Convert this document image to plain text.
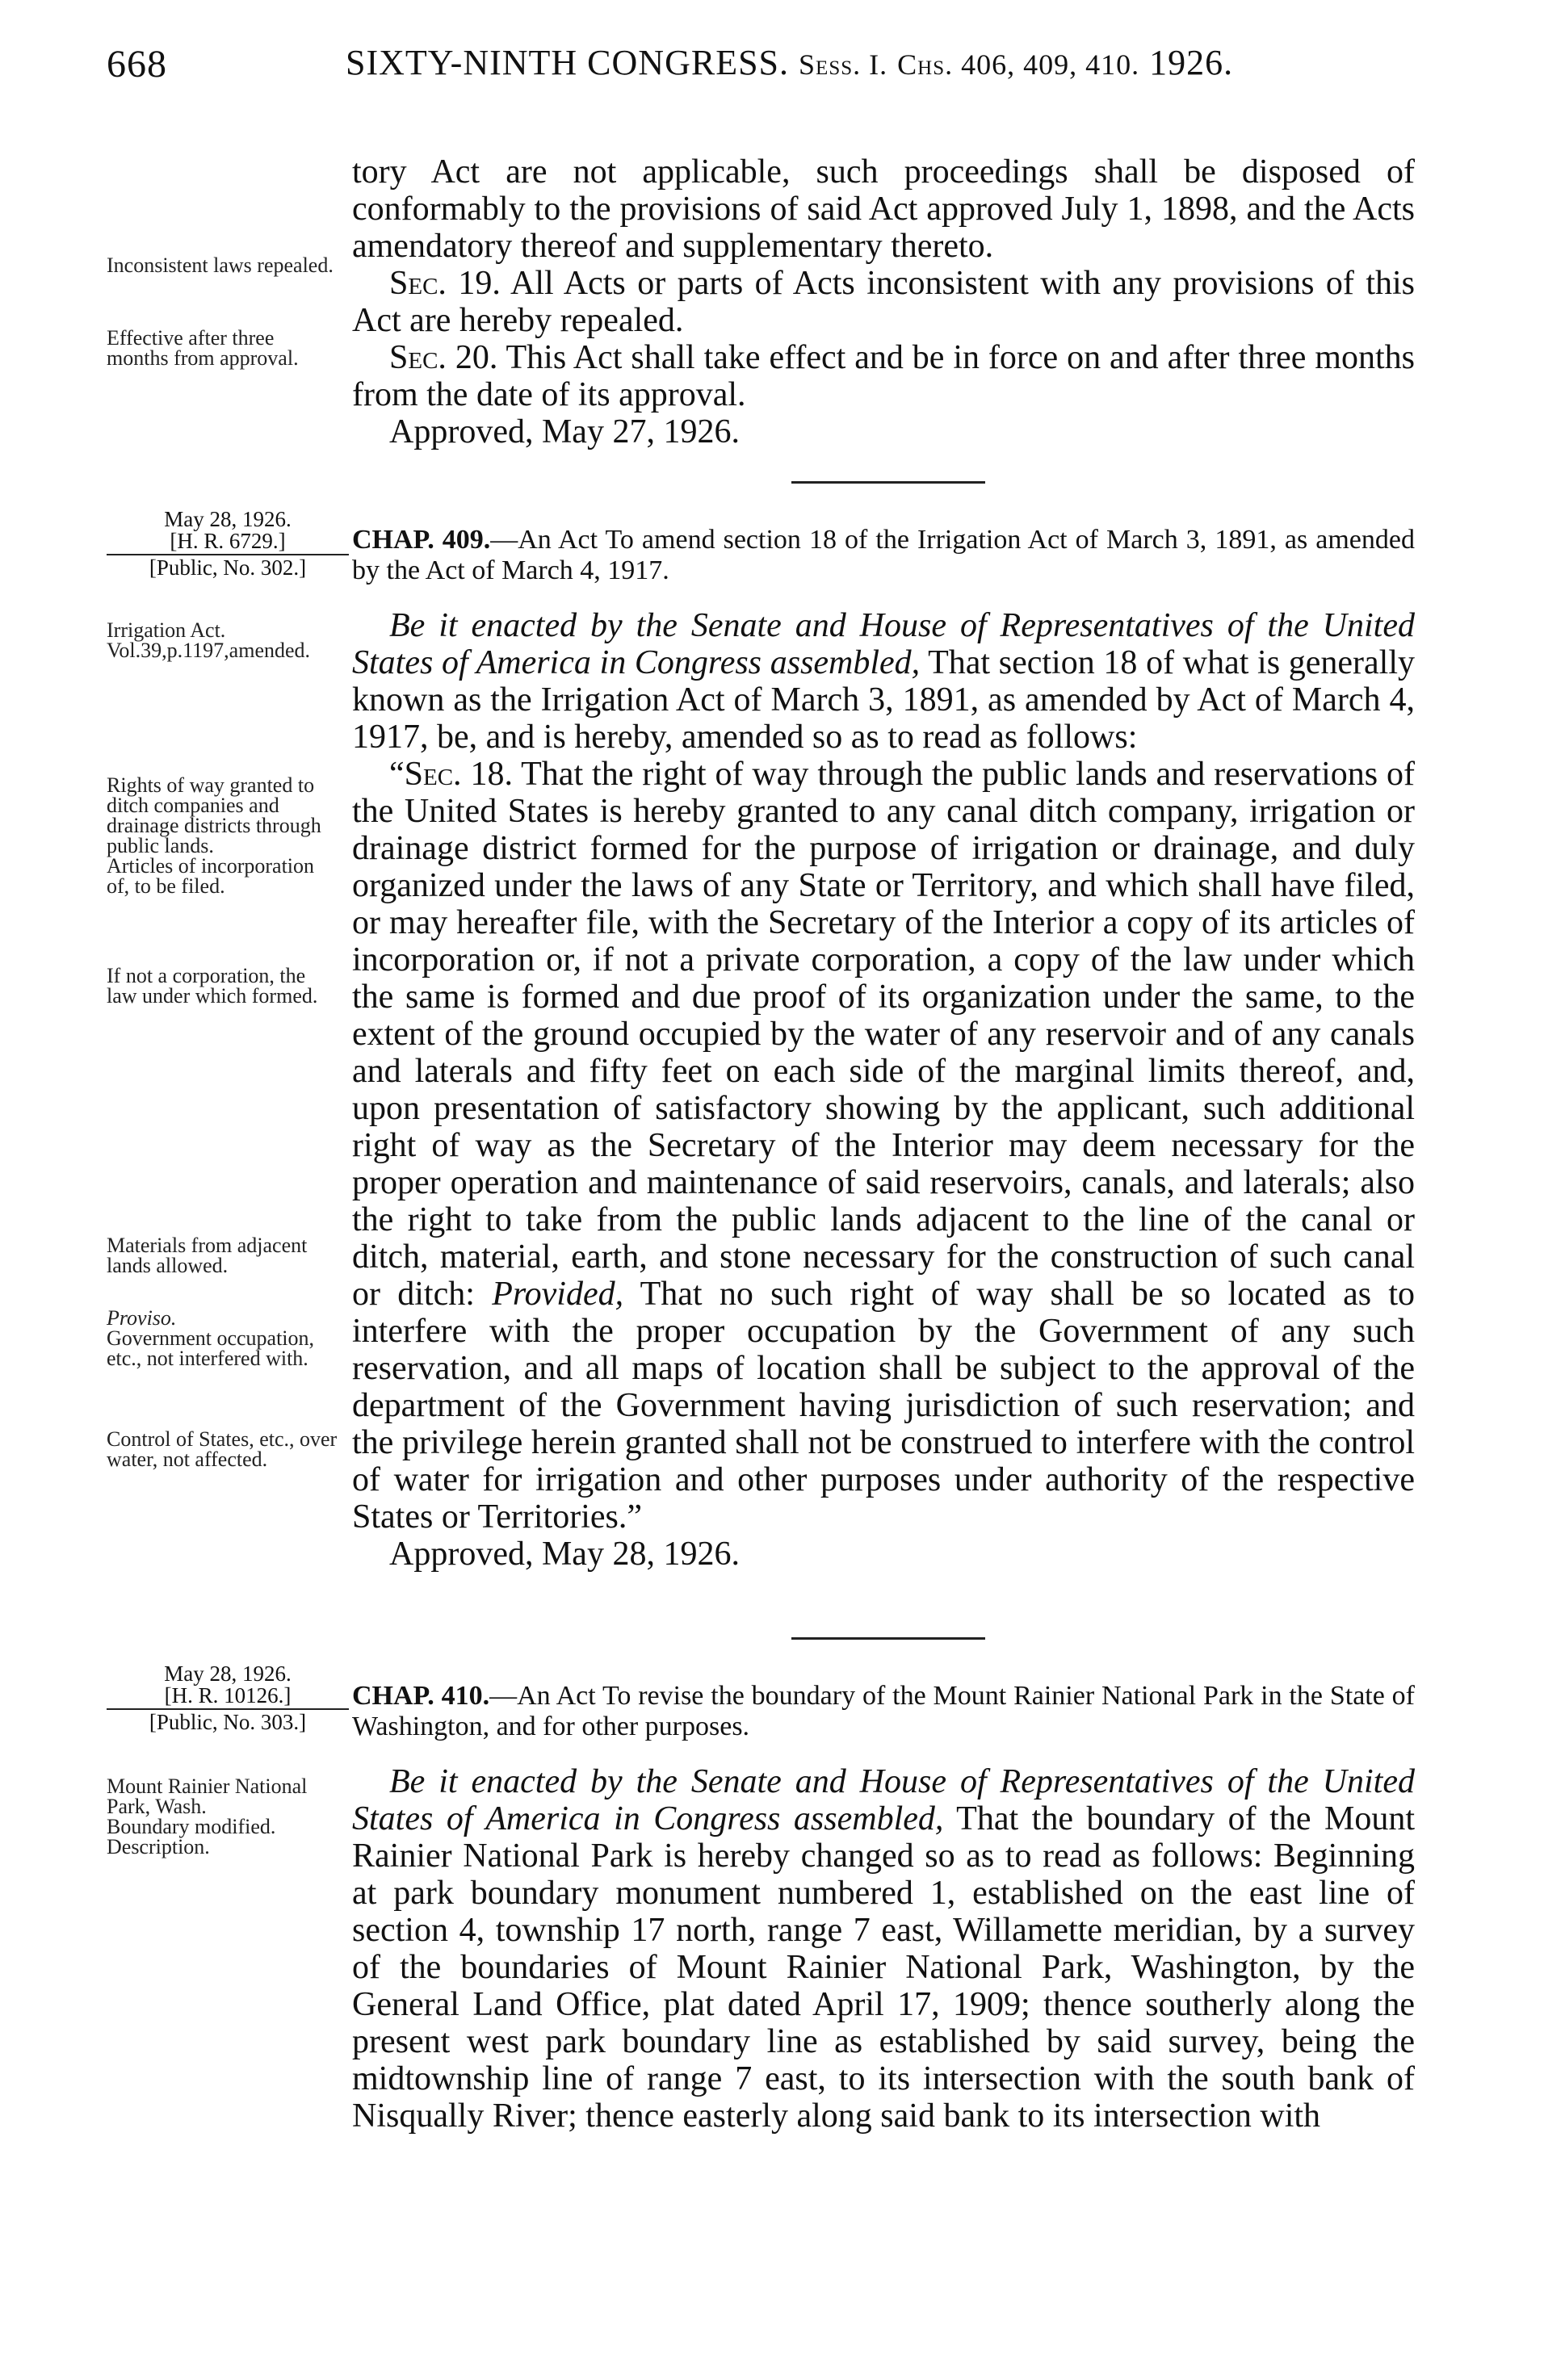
668	SIXTY-NINTH CONGRESS. Sess. I. Chs. 406, 409, 410. 1926.

tory Act are not applicable, such proceedings shall be disposed of conformably to the provisions of said Act approved July 1, 1898, and the Acts amendatory thereof and supplementary thereto.

Sec. 19. All Acts or parts of Acts inconsistent with any provisions of this Act are hereby repealed.

Sec. 20. This Act shall take effect and be in force on and after three months from the date of its approval.

Approved, May 27, 1926.

Inconsistent laws repealed.
Effective after three months from approval.
May 28, 1926.
[H. R. 6729.]
[Public, No. 302.]
CHAP. 409.—An Act To amend section 18 of the Irrigation Act of March 3, 1891, as amended by the Act of March 4, 1917.

Be it enacted by the Senate and House of Representatives of the United States of America in Congress assembled, That section 18 of what is generally known as the Irrigation Act of March 3, 1891, as amended by Act of March 4, 1917, be, and is hereby, amended so as to read as follows:

“Sec. 18. That the right of way through the public lands and reservations of the United States is hereby granted to any canal ditch company, irrigation or drainage district formed for the purpose of irrigation or drainage, and duly organized under the laws of any State or Territory, and which shall have filed, or may hereafter file, with the Secretary of the Interior a copy of its articles of incorporation or, if not a private corporation, a copy of the law under which the same is formed and due proof of its organization under the same, to the extent of the ground occupied by the water of any reservoir and of any canals and laterals and fifty feet on each side of the marginal limits thereof, and, upon presentation of satisfactory showing by the applicant, such additional right of way as the Secretary of the Interior may deem necessary for the proper operation and maintenance of said reservoirs, canals, and laterals; also the right to take from the public lands adjacent to the line of the canal or ditch, material, earth, and stone necessary for the construction of such canal or ditch: Provided, That no such right of way shall be so located as to interfere with the proper occupation by the Government of any such reservation, and all maps of location shall be subject to the approval of the department of the Government having jurisdiction of such reservation; and the privilege herein granted shall not be construed to interfere with the control of water for irrigation and other purposes under authority of the respective States or Territories.”

Approved, May 28, 1926.

Irrigation Act.
Vol.39,p.1197,amended.
Rights of way granted to ditch companies and drainage districts through public lands.
Articles of incorporation of, to be filed.
If not a corporation, the law under which formed.
Materials from adjacent lands allowed.
Proviso.
Government occupation, etc., not interfered with.
Control of States, etc., over water, not affected.
May 28, 1926.
[H. R. 10126.]
[Public, No. 303.]
CHAP. 410.—An Act To revise the boundary of the Mount Rainier National Park in the State of Washington, and for other purposes.

Be it enacted by the Senate and House of Representatives of the United States of America in Congress assembled, That the boundary of the Mount Rainier National Park is hereby changed so as to read as follows: Beginning at park boundary monument numbered 1, established on the east line of section 4, township 17 north, range 7 east, Willamette meridian, by a survey of the boundaries of Mount Rainier National Park, Washington, by the General Land Office, plat dated April 17, 1909; thence southerly along the present west park boundary line as established by said survey, being the midtownship line of range 7 east, to its intersection with the south bank of Nisqually River; thence easterly along said bank to its intersection with

Mount Rainier National Park, Wash.
Boundary modified.
Description.
